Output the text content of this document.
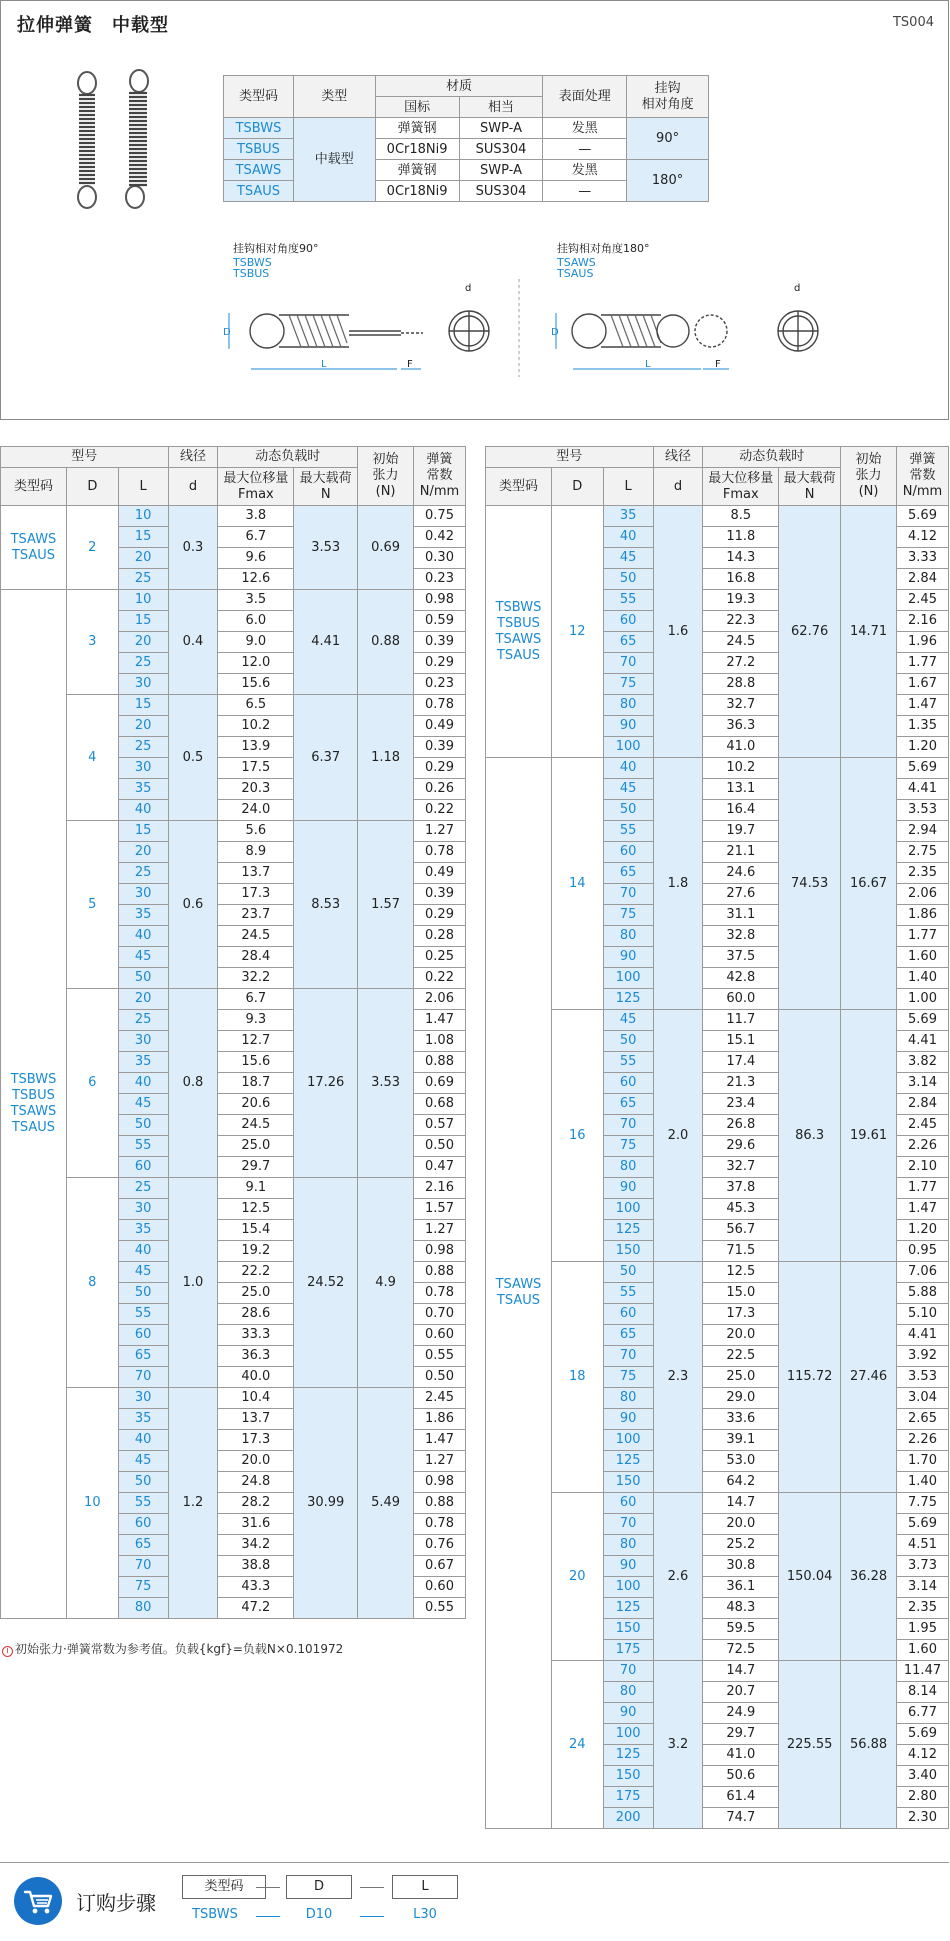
拉伸弹簧　中载型	TS004
类型码	类型	材质		表面处理	挂钩
相对角度
		国标	相当		
TSBWS	中载型	弹簧钢	SWP-A	发黑	90°
TSBUS		0Cr18Ni9	SUS304	—	
TSAWS		弹簧钢	SWP-A	发黑	180°
TSAUS		0Cr18Ni9	SUS304	—	
挂钩相对角度90°
TSBWS
TSBUS
挂钩相对角度180°
TSAWS
TSAUS
D
L	F
d
D
L	F
d
型号			线径	动态负载时		初始
张力
(N)	弹簧
常数
N/mm
类型码	D	L	d	最大位移量
Fmax	最大载荷
N		
TSAWS
TSAUS	2	10	0.3	3.8	3.53	0.69	0.75
		15		6.7			0.42
		20		9.6			0.30
		25		12.6			0.23
TSBWS
TSBUS
TSAWS
TSAUS	3	10	0.4	3.5	4.41	0.88	0.98
		15		6.0			0.59
		20		9.0			0.39
		25		12.0			0.29
		30		15.6			0.23
	4	15	0.5	6.5	6.37	1.18	0.78
		20		10.2			0.49
		25		13.9			0.39
		30		17.5			0.29
		35		20.3			0.26
		40		24.0			0.22
	5	15	0.6	5.6	8.53	1.57	1.27
		20		8.9			0.78
		25		13.7			0.49
		30		17.3			0.39
		35		23.7			0.29
		40		24.5			0.28
		45		28.4			0.25
		50		32.2			0.22
	6	20	0.8	6.7	17.26	3.53	2.06
		25		9.3			1.47
		30		12.7			1.08
		35		15.6			0.88
		40		18.7			0.69
		45		20.6			0.68
		50		24.5			0.57
		55		25.0			0.50
		60		29.7			0.47
	8	25	1.0	9.1	24.52	4.9	2.16
		30		12.5			1.57
		35		15.4			1.27
		40		19.2			0.98
		45		22.2			0.88
		50		25.0			0.78
		55		28.6			0.70
		60		33.3			0.60
		65		36.3			0.55
		70		40.0			0.50
	10	30	1.2	10.4	30.99	5.49	2.45
		35		13.7			1.86
		40		17.3			1.47
		45		20.0			1.27
		50		24.8			0.98
		55		28.2			0.88
		60		31.6			0.78
		65		34.2			0.76
		70		38.8			0.67
		75		43.3			0.60
		80		47.2			0.55
型号			线径	动态负载时		初始
张力
(N)	弹簧
常数
N/mm
类型码	D	L	d	最大位移量
Fmax	最大载荷
N		
TSBWS
TSBUS
TSAWS
TSAUS	12	35	1.6	8.5	62.76	14.71	5.69
		40		11.8			4.12
		45		14.3			3.33
		50		16.8			2.84
		55		19.3			2.45
		60		22.3			2.16
		65		24.5			1.96
		70		27.2			1.77
		75		28.8			1.67
		80		32.7			1.47
		90		36.3			1.35
		100		41.0			1.20
TSAWS
TSAUS	14	40	1.8	10.2	74.53	16.67	5.69
		45		13.1			4.41
		50		16.4			3.53
		55		19.7			2.94
		60		21.1			2.75
		65		24.6			2.35
		70		27.6			2.06
		75		31.1			1.86
		80		32.8			1.77
		90		37.5			1.60
		100		42.8			1.40
		125		60.0			1.00
	16	45	2.0	11.7	86.3	19.61	5.69
		50		15.1			4.41
		55		17.4			3.82
		60		21.3			3.14
		65		23.4			2.84
		70		26.8			2.45
		75		29.6			2.26
		80		32.7			2.10
		90		37.8			1.77
		100		45.3			1.47
		125		56.7			1.20
		150		71.5			0.95
	18	50	2.3	12.5	115.72	27.46	7.06
		55		15.0			5.88
		60		17.3			5.10
		65		20.0			4.41
		70		22.5			3.92
		75		25.0			3.53
		80		29.0			3.04
		90		33.6			2.65
		100		39.1			2.26
		125		53.0			1.70
		150		64.2			1.40
	20	60	2.6	14.7	150.04	36.28	7.75
		70		20.0			5.69
		80		25.2			4.51
		90		30.8			3.73
		100		36.1			3.14
		125		48.3			2.35
		150		59.5			1.95
		175		72.5			1.60
	24	70	3.2	14.7	225.55	56.88	11.47
		80		20.7			8.14
		90		24.9			6.77
		100		29.7			5.69
		125		41.0			4.12
		150		50.6			3.40
		175		61.4			2.80
		200		74.7			2.30
i 初始张力·弹簧常数为参考值。负载{kgf}=负载N×0.101972
订购步骤
类型码	D	L
TSBWS	D10	L30
